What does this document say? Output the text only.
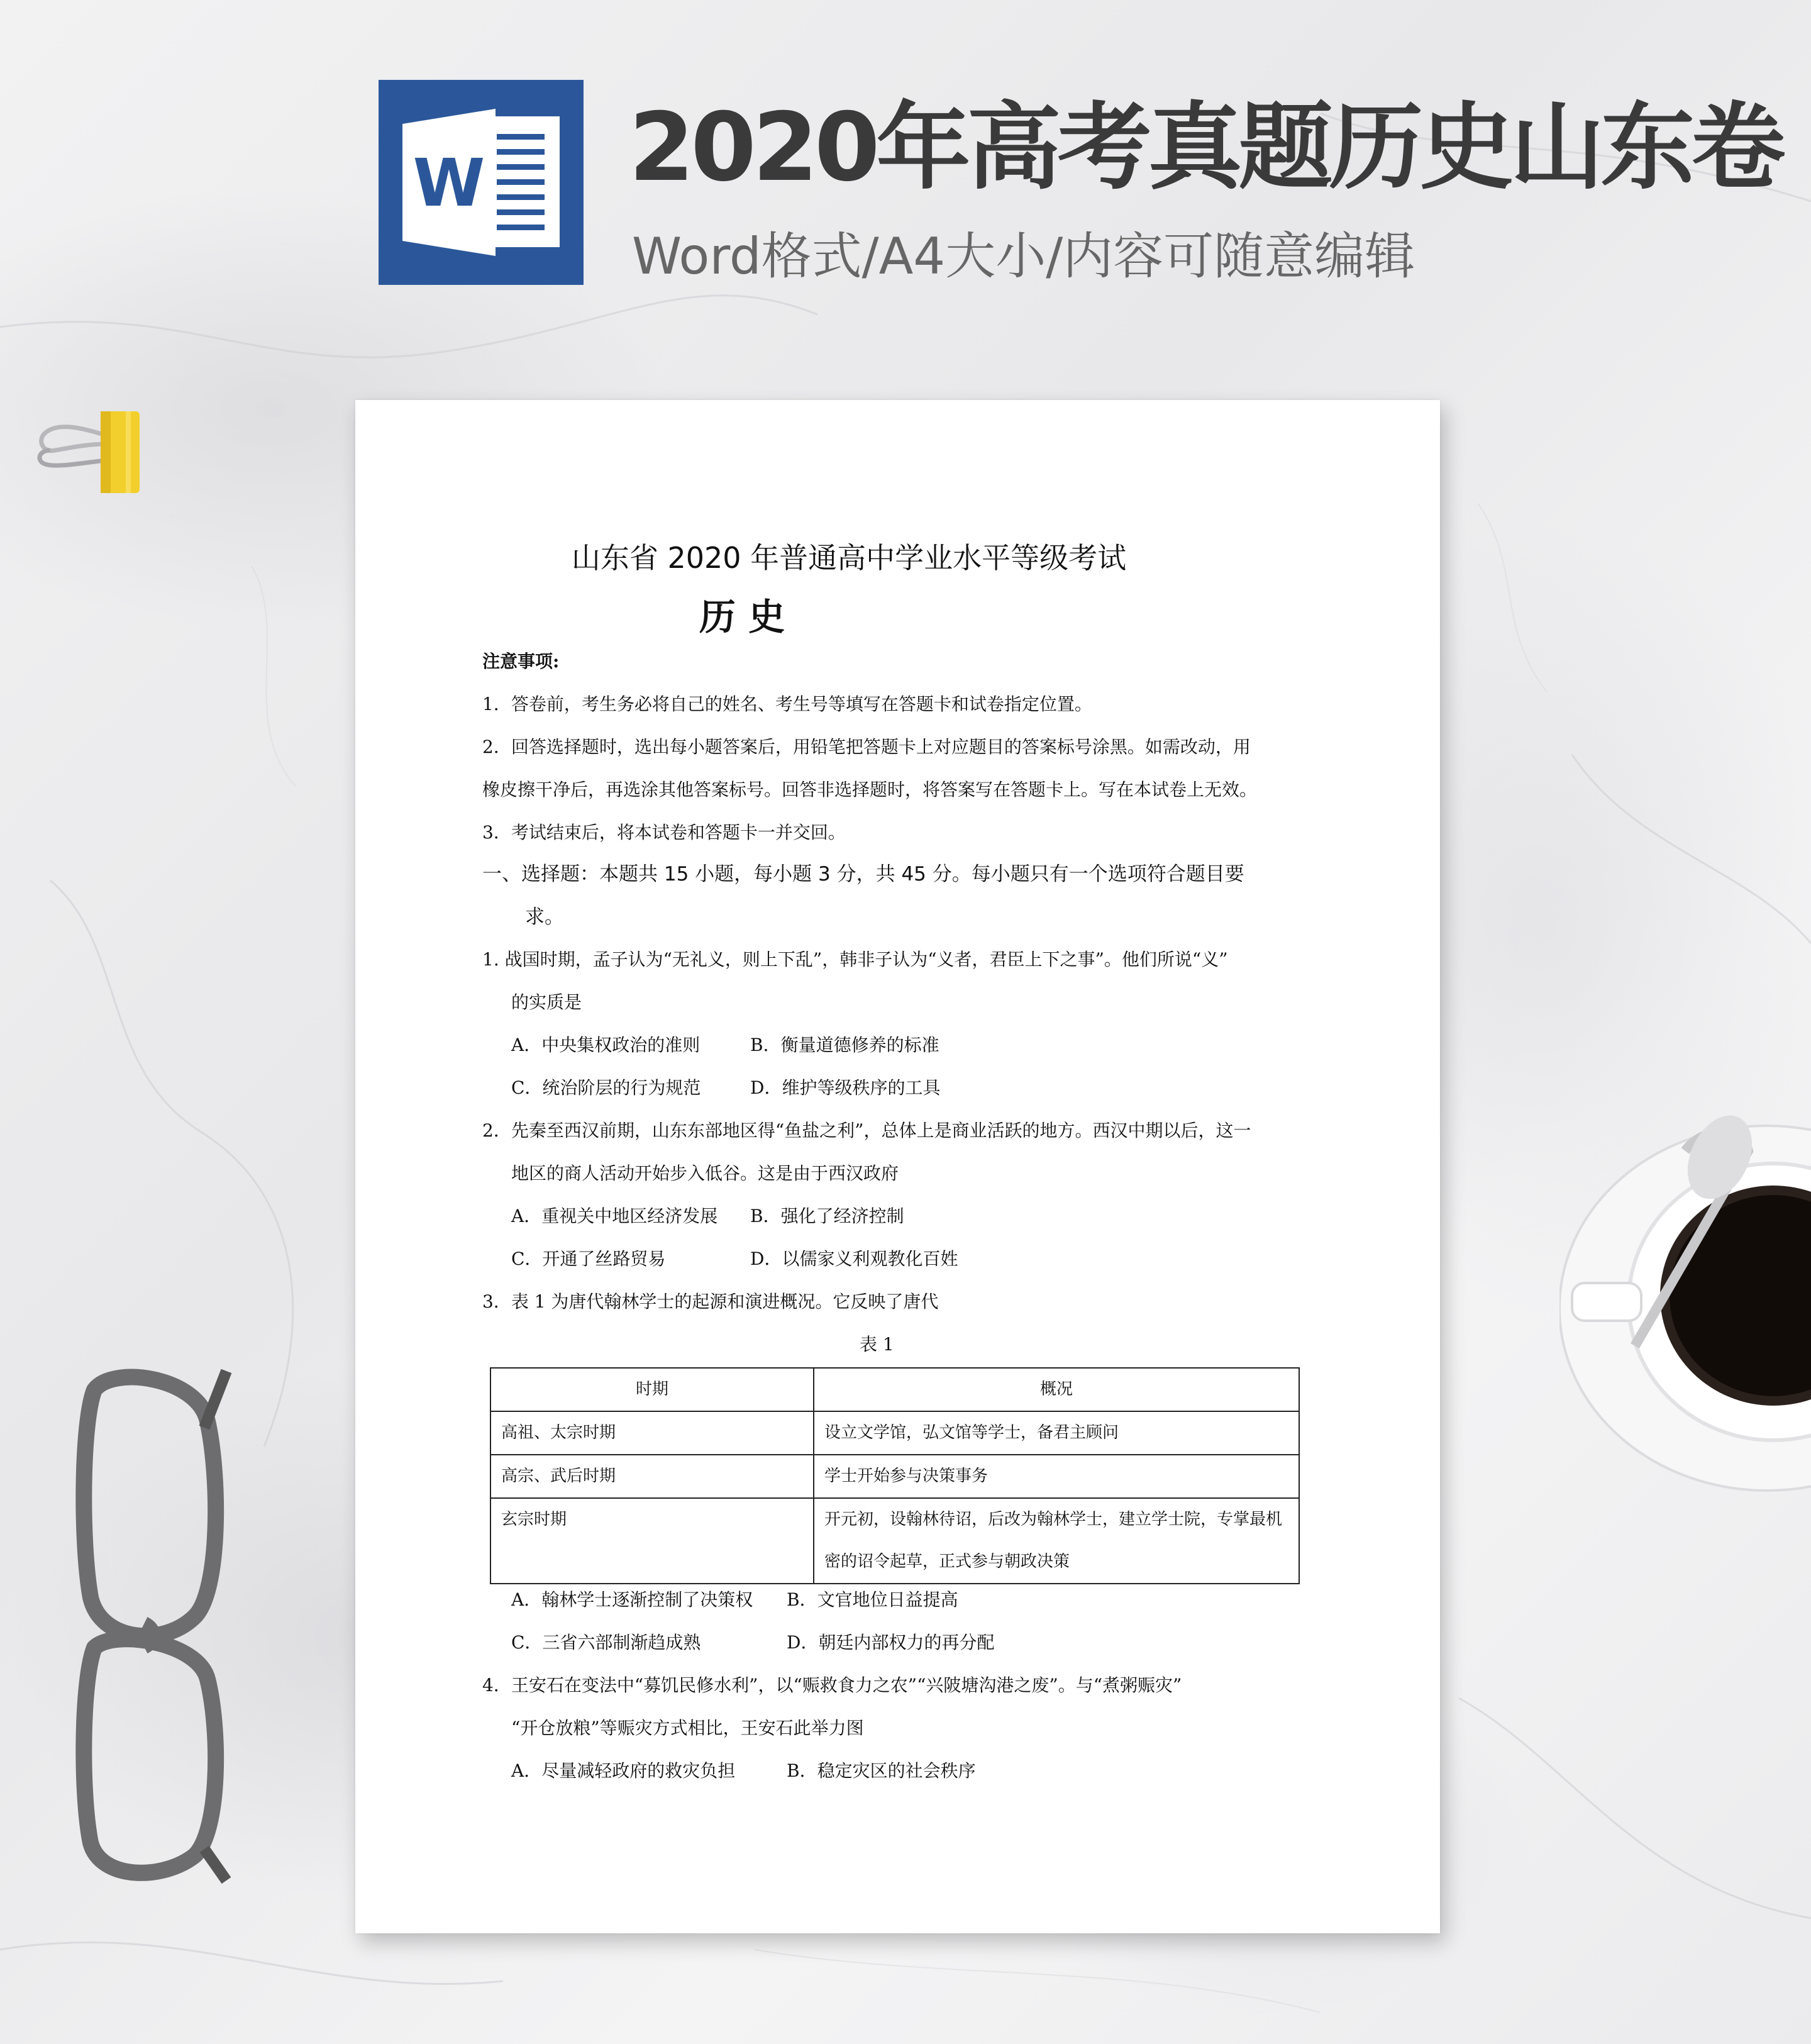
W 2020年高考真题历史山东卷
Word格式/A4大小/内容可随意编辑
山东省 2020 年普通高中学业水平等级考试
历 史
注意事项:
1．答卷前，考生务必将自己的姓名、考生号等填写在答题卡和试卷指定位置。
2．回答选择题时，选出每小题答案后，用铅笔把答题卡上对应题目的答案标号涂黑。如需改动，用
橡皮擦干净后，再选涂其他答案标号。回答非选择题时，将答案写在答题卡上。写在本试卷上无效。
3．考试结束后，将本试卷和答题卡一并交回。
一、选择题：本题共 15 小题，每小题 3 分，共 45 分。每小题只有一个选项符合题目要
求。
1. 战国时期，孟子认为“无礼义，则上下乱”，韩非子认为“义者，君臣上下之事”。他们所说“义”
的实质是
A．中央集权政治的准则	B．衡量道德修养的标准
C．统治阶层的行为规范	D．维护等级秩序的工具
2．先秦至西汉前期，山东东部地区得“鱼盐之利”，总体上是商业活跃的地方。西汉中期以后，这一
地区的商人活动开始步入低谷。这是由于西汉政府
A．重视关中地区经济发展 B．强化了经济控制
C．开通了丝路贸易	D．以儒家义利观教化百姓
3．表 1 为唐代翰林学士的起源和演进概况。它反映了唐代
表 1
时期	概况
高祖、太宗时期	设立文学馆，弘文馆等学士，备君主顾问
高宗、武后时期	学士开始参与决策事务
玄宗时期	开元初，设翰林待诏，后改为翰林学士，建立学士院，专掌最机密的诏令起草，正式参与朝政决策
A．翰林学士逐渐控制了决策权 B．文官地位日益提高
C．三省六部制渐趋成熟	D．朝廷内部权力的再分配
4．王安石在变法中“募饥民修水利”，以“赈救食力之农”“兴陂塘沟港之废”。与“煮粥赈灾”
“开仓放粮”等赈灾方式相比，王安石此举力图
A．尽量减轻政府的救灾负担	B．稳定灾区的社会秩序
